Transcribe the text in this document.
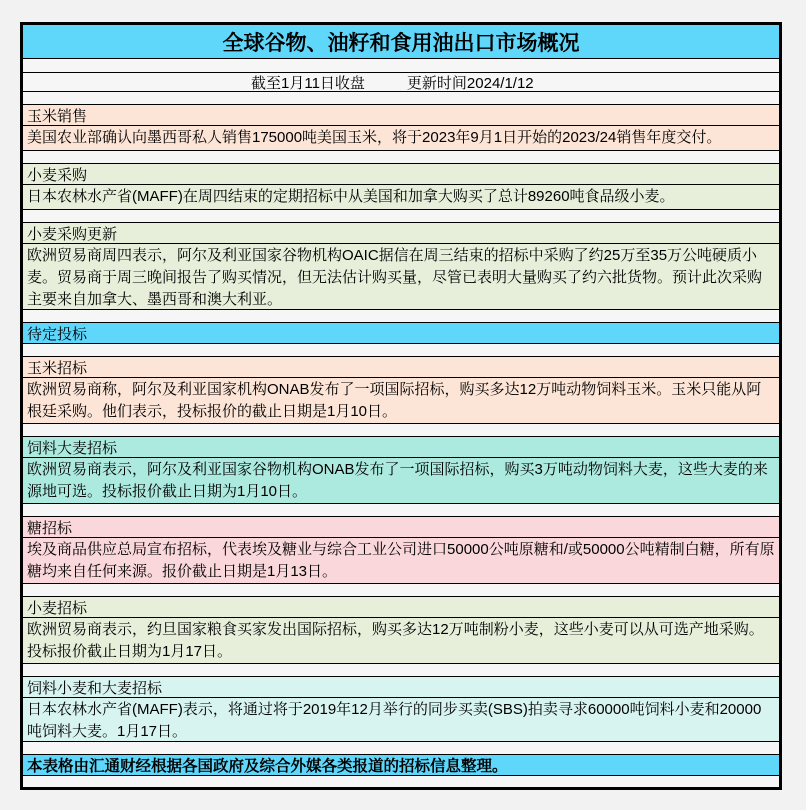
全球谷物、油籽和食用油出口市场概况
截至1月11日收盘	更新时间2024/1/12
玉米销售
美国农业部确认向墨西哥私人销售175000吨美国玉米，将于2023年9月1日开始的2023/24销售年度交付。
小麦采购
日本农林水产省(MAFF)在周四结束的定期招标中从美国和加拿大购买了总计89260吨食品级小麦。
小麦采购更新
欧洲贸易商周四表示，阿尔及利亚国家谷物机构OAIC据信在周三结束的招标中采购了约25万至35万公吨硬质小麦。贸易商于周三晚间报告了购买情况，但无法估计购买量，尽管已表明大量购买了约六批货物。预计此次采购主要来自加拿大、墨西哥和澳大利亚。
待定投标
玉米招标
欧洲贸易商称，阿尔及利亚国家机构ONAB发布了一项国际招标，购买多达12万吨动物饲料玉米。玉米只能从阿根廷采购。他们表示，投标报价的截止日期是1月10日。
饲料大麦招标
欧洲贸易商表示，阿尔及利亚国家谷物机构ONAB发布了一项国际招标，购买3万吨动物饲料大麦，这些大麦的来源地可选。投标报价截止日期为1月10日。
糖招标
埃及商品供应总局宣布招标，代表埃及糖业与综合工业公司进口50000公吨原糖和/或50000公吨精制白糖，所有原糖均来自任何来源。报价截止日期是1月13日。
小麦招标
欧洲贸易商表示，约旦国家粮食买家发出国际招标，购买多达12万吨制粉小麦，这些小麦可以从可选产地采购。投标报价截止日期为1月17日。
饲料小麦和大麦招标
日本农林水产省(MAFF)表示，将通过将于2019年12月举行的同步买卖(SBS)拍卖寻求60000吨饲料小麦和20000吨饲料大麦。1月17日。
本表格由汇通财经根据各国政府及综合外媒各类报道的招标信息整理。
